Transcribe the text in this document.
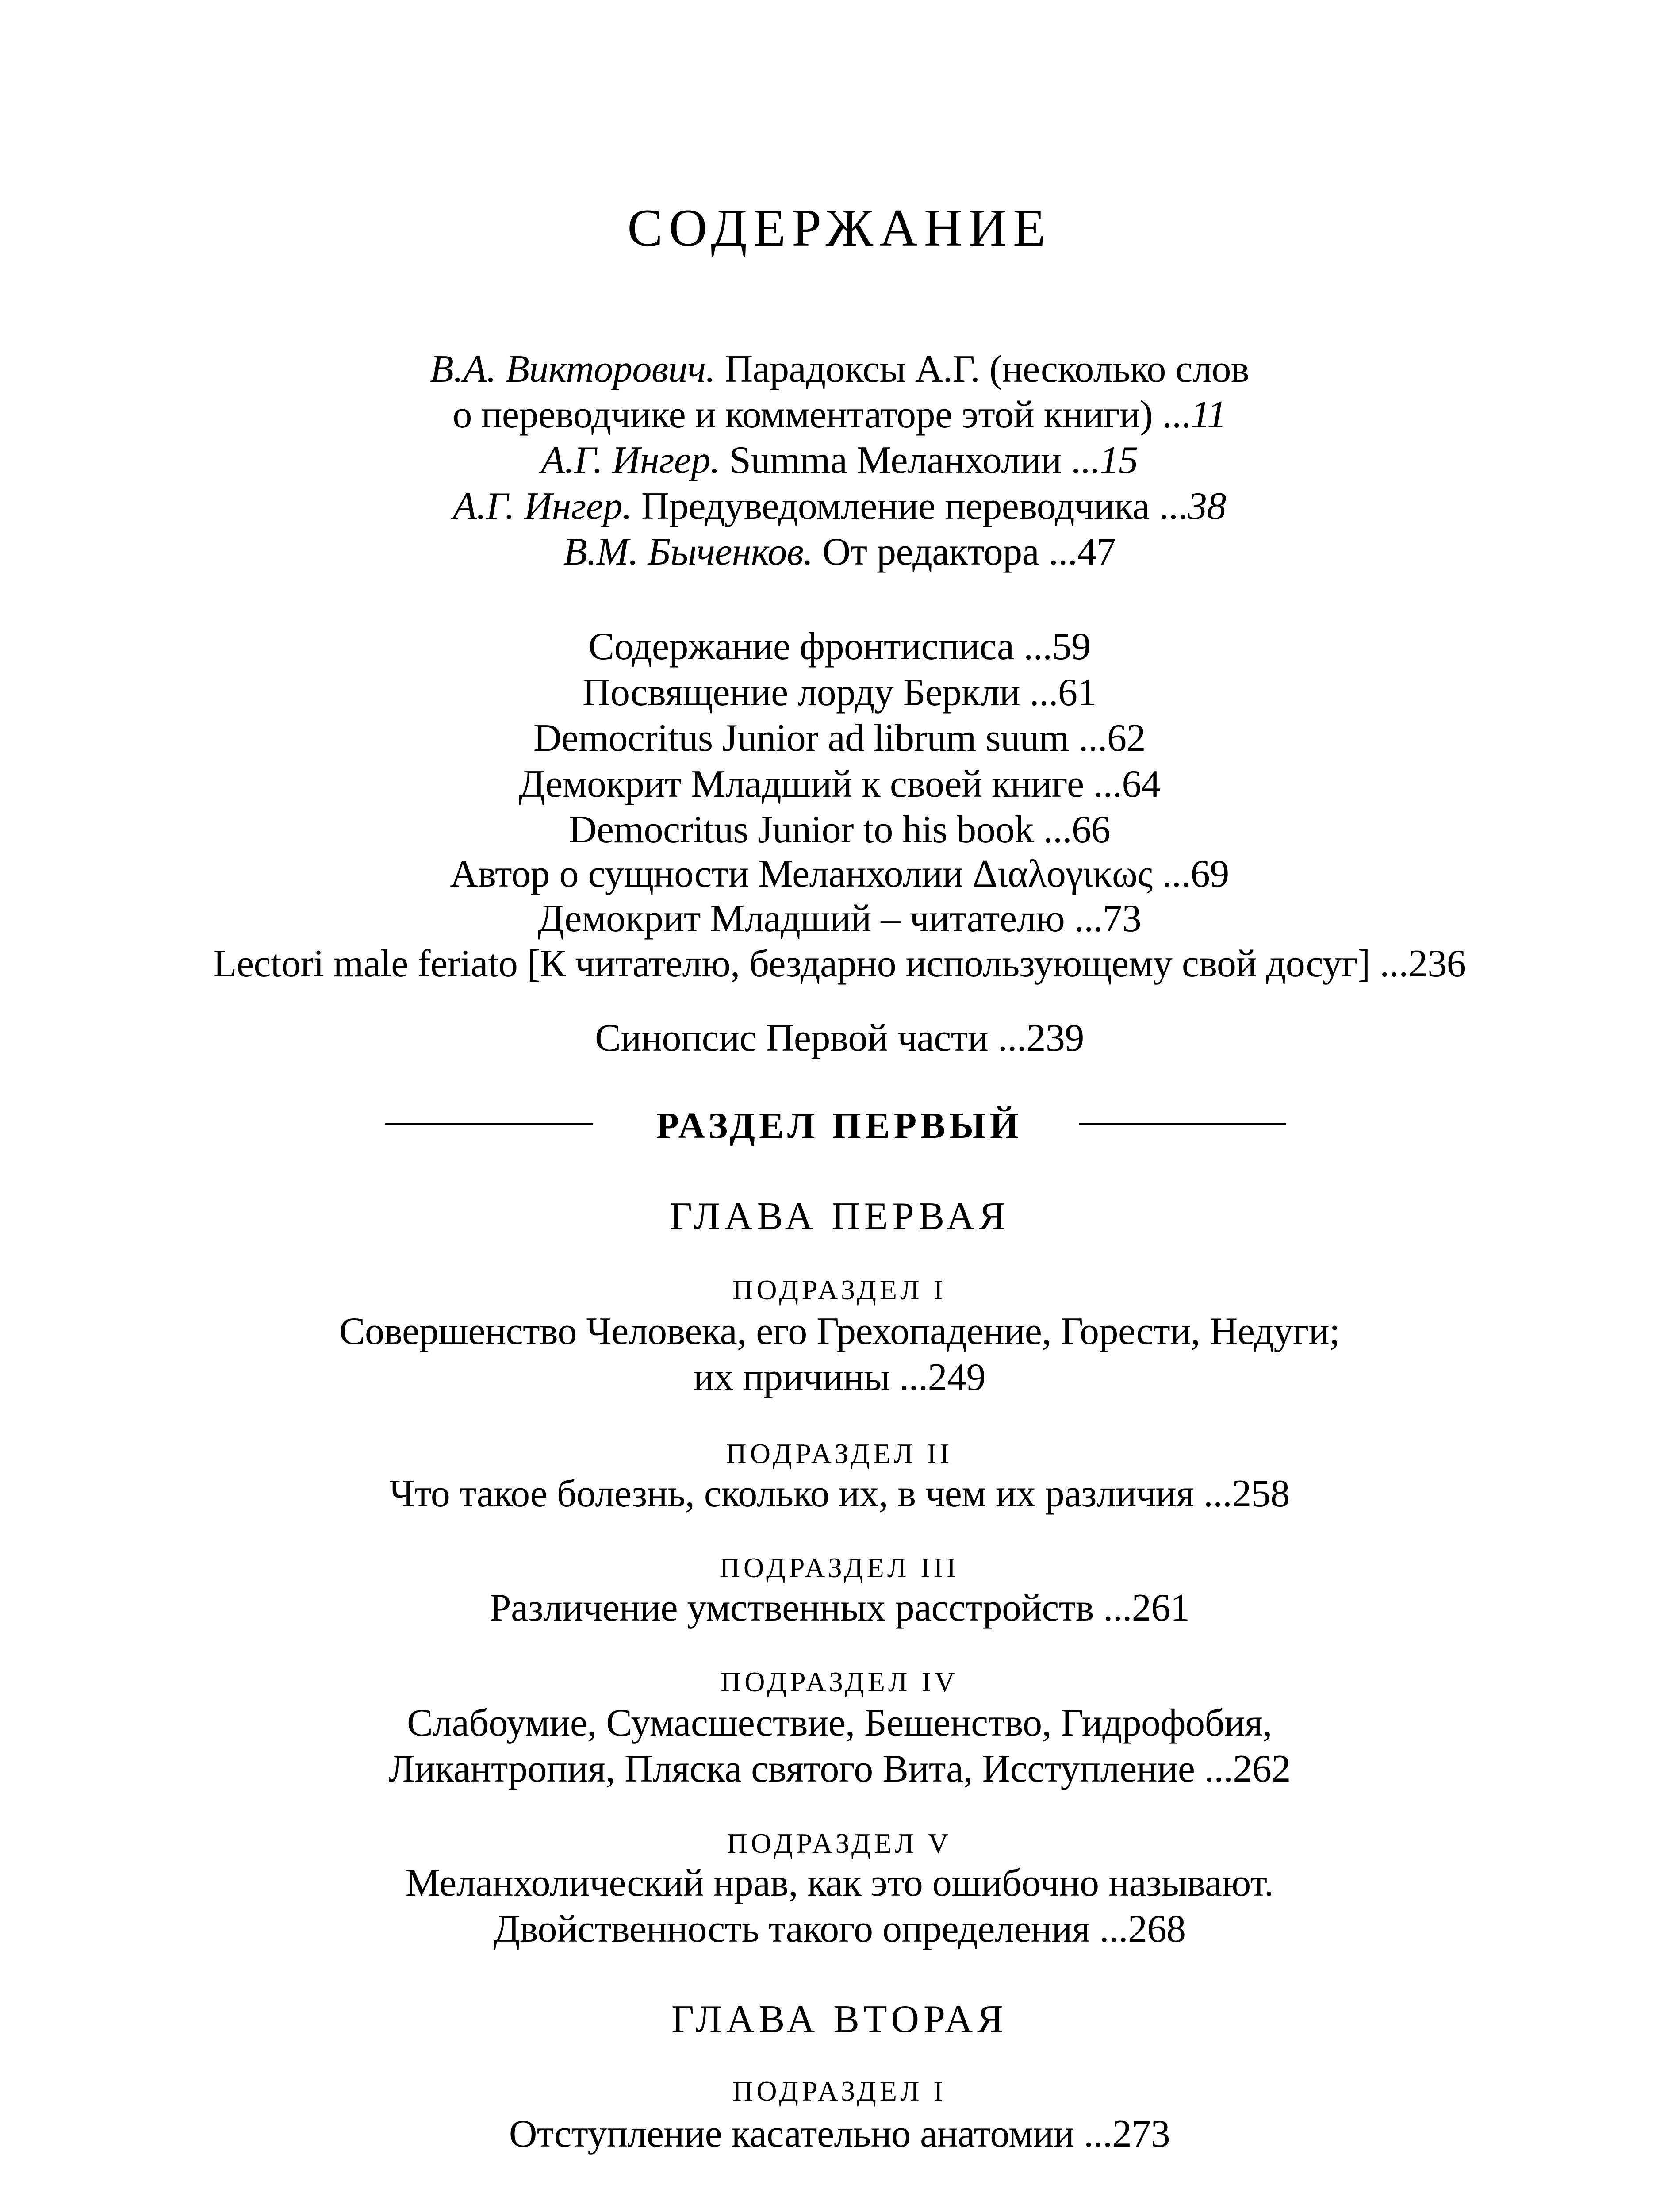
СОДЕРЖАНИЕ
В.А. Викторович. Парадоксы А.Г. (несколько слов
о переводчике и комментаторе этой книги) ...11
А.Г. Ингер. Summa Меланхолии ...15
А.Г. Ингер. Предуведомление переводчика ...38
В.М. Быченков. От редактора ...47
Содержание фронтисписа ...59
Посвящение лорду Беркли ...61
Democritus Junior ad librum suum ...62
Демокрит Младший к своей книге ...64
Democritus Junior to his book ...66
Автор о сущности Меланхолии Διαλογικως ...69
Демокрит Младший – читателю ...73
Lectori male feriato [К читателю, бездарно использующему свой досуг] ...236
Синопсис Первой части ...239
РАЗДЕЛ ПЕРВЫЙ
ГЛАВА ПЕРВАЯ
ПОДРАЗДЕЛ I
Совершенство Человека, его Грехопадение, Горести, Недуги;
их причины ...249
ПОДРАЗДЕЛ II
Что такое болезнь, сколько их, в чем их различия ...258
ПОДРАЗДЕЛ III
Различение умственных расстройств ...261
ПОДРАЗДЕЛ IV
Слабоумие, Сумасшествие, Бешенство, Гидрофобия,
Ликантропия, Пляска святого Вита, Исступление ...262
ПОДРАЗДЕЛ V
Меланхолический нрав, как это ошибочно называют.
Двойственность такого определения ...268
ГЛАВА ВТОРАЯ
ПОДРАЗДЕЛ I
Отступление касательно анатомии ...273
